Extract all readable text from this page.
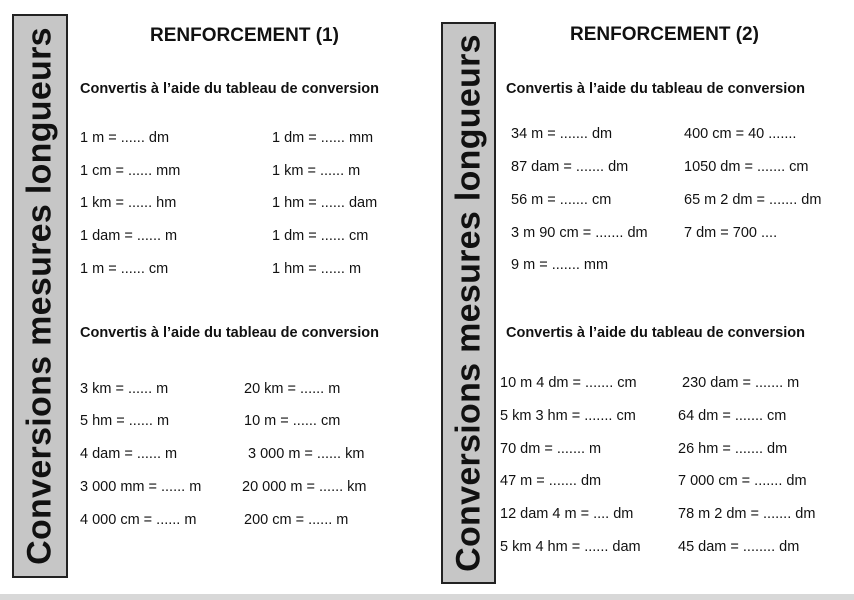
Conversions mesures longueurs	RENFORCEMENT (1)
Convertis à l’aide du tableau de conversion
1 m = ...... dm	1 dm = ...... mm
1 cm = ...... mm	1 km = ...... m
1 km = ...... hm	1 hm = ...... dam
1 dam = ...... m	1 dm = ...... cm
1 m = ...... cm	1 hm = ...... m
Convertis à l’aide du tableau de conversion
3 km = ...... m	20 km = ...... m
5 hm = ...... m	10 m = ...... cm
4 dam = ...... m	3 000 m = ...... km
3 000 mm = ...... m	20 000 m = ...... km
4 000 cm = ...... m	200 cm = ...... m	Conversions mesures longueurs	RENFORCEMENT (2)
Convertis à l’aide du tableau de conversion
34 m = ....... dm	400 cm = 40 .......
87 dam = ....... dm	1050 dm = ....... cm
56 m = ....... cm	65 m 2 dm = ....... dm
3 m 90 cm = ....... dm	7 dm = 700 ....
9 m = ....... mm
Convertis à l’aide du tableau de conversion
10 m 4 dm = ....... cm	230 dam = ....... m
5 km 3 hm = ....... cm	64 dm = ....... cm
70 dm = ....... m	26 hm = ....... dm
47 m = ....... dm	7 000 cm = ....... dm
12 dam 4 m = .... dm	78 m 2 dm = ....... dm
5 km 4 hm = ...... dam	45 dam = ........ dm
